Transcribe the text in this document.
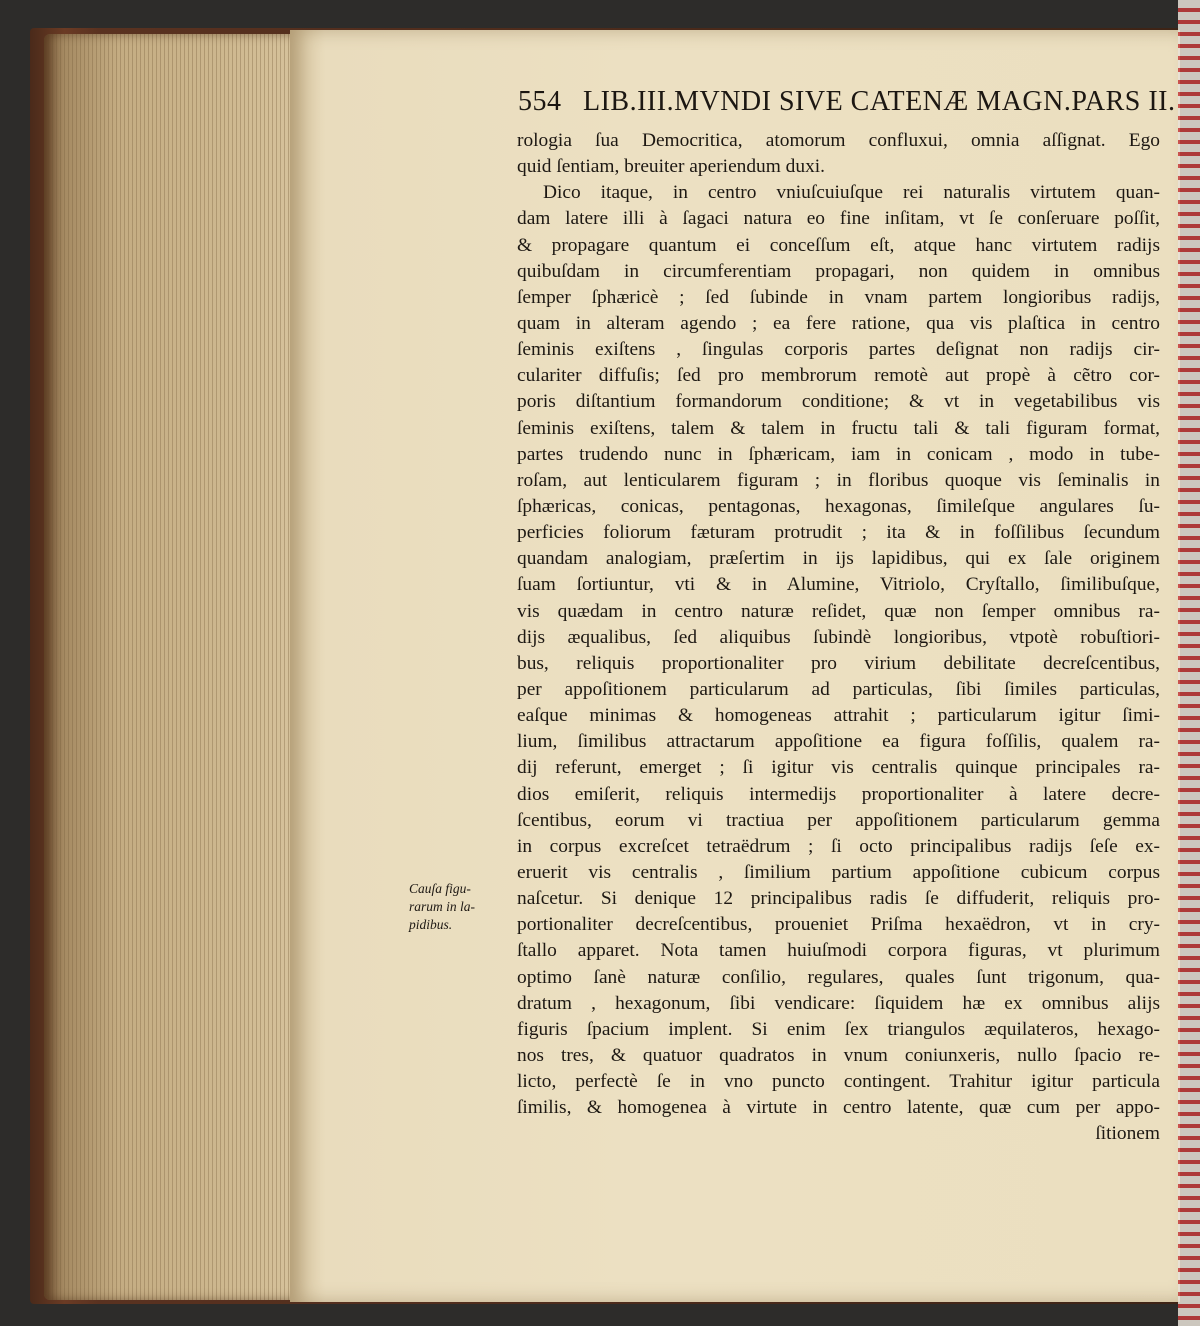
554 LIB.III.MVNDI SIVE CATENÆ MAGN.PARS II.
rologia ſua Democritica, atomorum confluxui, omnia aſſignat. Ego
quid ſentiam, breuiter aperiendum duxi.
Dico itaque, in centro vniuſcuiuſque rei naturalis virtutem quan-
dam latere illi à ſagaci natura eo fine inſitam, vt ſe conſeruare poſſit,
& propagare quantum ei conceſſum eſt, atque hanc virtutem radijs
quibuſdam in circumferentiam propagari, non quidem in omnibus
ſemper ſphæricè ; ſed ſubinde in vnam partem longioribus radijs,
quam in alteram agendo ; ea fere ratione, qua vis plaſtica in centro
ſeminis exiſtens , ſingulas corporis partes deſignat non radijs cir-
culariter diffuſis; ſed pro membrorum remotè aut propè à cẽtro cor-
poris diſtantium formandorum conditione; & vt in vegetabilibus vis
ſeminis exiſtens, talem & talem in fructu tali & tali figuram format,
partes trudendo nunc in ſphæricam, iam in conicam , modo in tube-
roſam, aut lenticularem figuram ; in floribus quoque vis ſeminalis in
ſphæricas, conicas, pentagonas, hexagonas, ſimileſque angulares ſu-
perficies foliorum fæturam protrudit ; ita & in foſſilibus ſecundum
quandam analogiam, præſertim in ijs lapidibus, qui ex ſale originem
ſuam ſortiuntur, vti & in Alumine, Vitriolo, Cryſtallo, ſimilibuſque,
vis quædam in centro naturæ reſidet, quæ non ſemper omnibus ra-
dijs æqualibus, ſed aliquibus ſubindè longioribus, vtpotè robuſtiori-
bus, reliquis proportionaliter pro virium debilitate decreſcentibus,
per appoſitionem particularum ad particulas, ſibi ſimiles particulas,
eaſque minimas & homogeneas attrahit ; particularum igitur ſimi-
lium, ſimilibus attractarum appoſitione ea figura foſſilis, qualem ra-
dij referunt, emerget ; ſi igitur vis centralis quinque principales ra-
dios emiſerit, reliquis intermedijs proportionaliter à latere decre-
ſcentibus, eorum vi tractiua per appoſitionem particularum gemma
in corpus excreſcet tetraëdrum ; ſi octo principalibus radijs ſeſe ex-
eruerit vis centralis , ſimilium partium appoſitione cubicum corpus
naſcetur. Si denique 12 principalibus radis ſe diffuderit, reliquis pro-
portionaliter decreſcentibus, proueniet Priſma hexaëdron, vt in cry-
ſtallo apparet. Nota tamen huiuſmodi corpora figuras, vt plurimum
optimo ſanè naturæ conſilio, regulares, quales ſunt trigonum, qua-
dratum , hexagonum, ſibi vendicare: ſiquidem hæ ex omnibus alijs
figuris ſpacium implent. Si enim ſex triangulos æquilateros, hexago-
nos tres, & quatuor quadratos in vnum coniunxeris, nullo ſpacio re-
licto, perfectè ſe in vno puncto contingent. Trahitur igitur particula
ſimilis, & homogenea à virtute in centro latente, quæ cum per appo-
ſitionem
Cauſa figu-
rarum in la-
pidibus.
